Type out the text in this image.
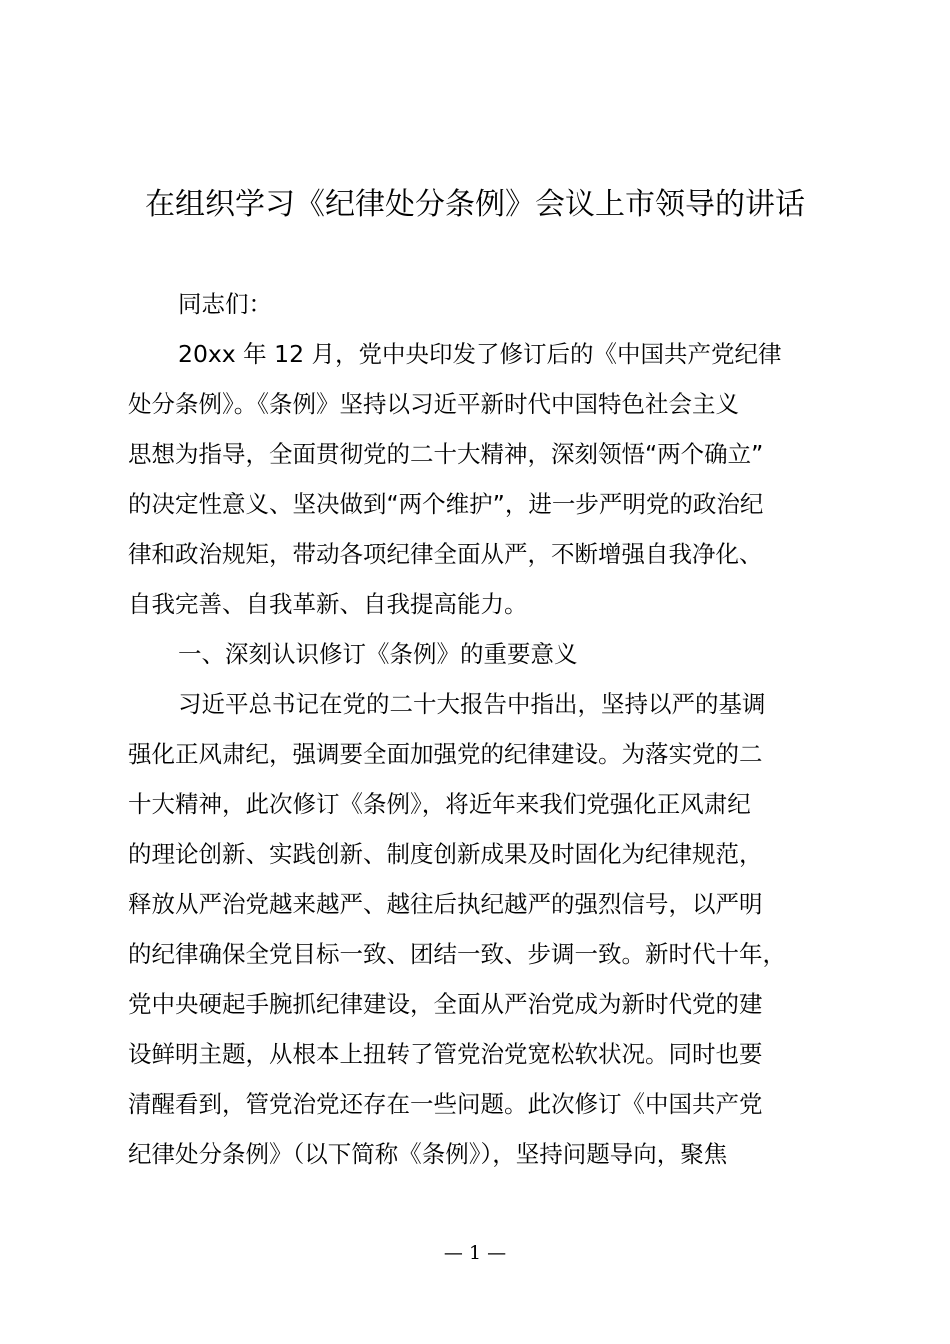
在组织学习《纪律处分条例》会议上市领导的讲话
同志们：
20xx 年 12 月，党中央印发了修订后的《中国共产党纪律
处分条例》。《条例》坚持以习近平新时代中国特色社会主义
思想为指导，全面贯彻党的二十大精神，深刻领悟“两个确立”
的决定性意义、坚决做到“两个维护”，进一步严明党的政治纪
律和政治规矩，带动各项纪律全面从严，不断增强自我净化、
自我完善、自我革新、自我提高能力。
一、深刻认识修订《条例》的重要意义
习近平总书记在党的二十大报告中指出，坚持以严的基调
强化正风肃纪，强调要全面加强党的纪律建设。为落实党的二
十大精神，此次修订《条例》，将近年来我们党强化正风肃纪
的理论创新、实践创新、制度创新成果及时固化为纪律规范，
释放从严治党越来越严、越往后执纪越严的强烈信号，以严明
的纪律确保全党目标一致、团结一致、步调一致。新时代十年，
党中央硬起手腕抓纪律建设，全面从严治党成为新时代党的建
设鲜明主题，从根本上扭转了管党治党宽松软状况。同时也要
清醒看到，管党治党还存在一些问题。此次修订《中国共产党
纪律处分条例》（以下简称《条例》），坚持问题导向，聚焦
— 1 —
